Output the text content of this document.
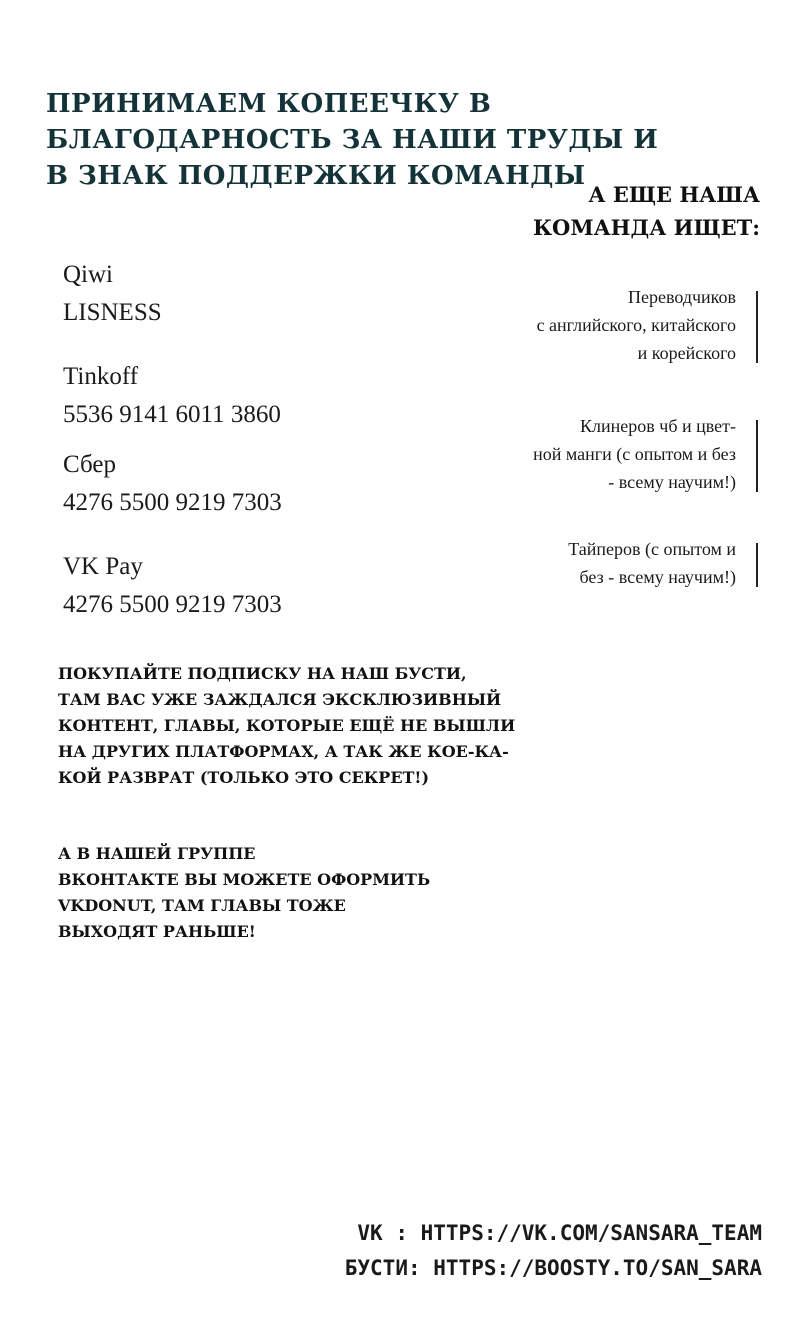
ПРИНИМАЕМ КОПЕЕЧКУ В
БЛАГОДАРНОСТЬ ЗА НАШИ ТРУДЫ И
В ЗНАК ПОДДЕРЖКИ КОМАНДЫ
А ЕЩЕ НАША
КОМАНДА ИЩЕТ:
Qiwi
LISNESS
Tinkoff
5536 9141 6011 3860
Сбер
4276 5500 9219 7303
VK Pay
4276 5500 9219 7303
Переводчиков
с английского, китайского
и корейского
Клинеров чб и цвет-
ной манги (с опытом и без
- всему научим!)
Тайперов (с опытом и
без - всему научим!)
ПОКУПАЙТЕ ПОДПИСКУ НА НАШ БУСТИ,
ТАМ ВАС УЖЕ ЗАЖДАЛСЯ ЭКСКЛЮЗИВНЫЙ
КОНТЕНТ, ГЛАВЫ, КОТОРЫЕ ЕЩЁ НЕ ВЫШЛИ
НА ДРУГИХ ПЛАТФОРМАХ, А ТАК ЖЕ КОЕ-КА-
КОЙ РАЗВРАТ (ТОЛЬКО ЭТО СЕКРЕТ!)
А В НАШЕЙ ГРУППЕ
ВКОНТАКТЕ ВЫ МОЖЕТЕ ОФОРМИТЬ
VKDONUT, ТАМ ГЛАВЫ ТОЖЕ
ВЫХОДЯТ РАНЬШЕ!
VK : HTTPS://VK.COM/SANSARA_TEAM
БУСТИ: HTTPS://BOOSTY.TO/SAN_SARA
